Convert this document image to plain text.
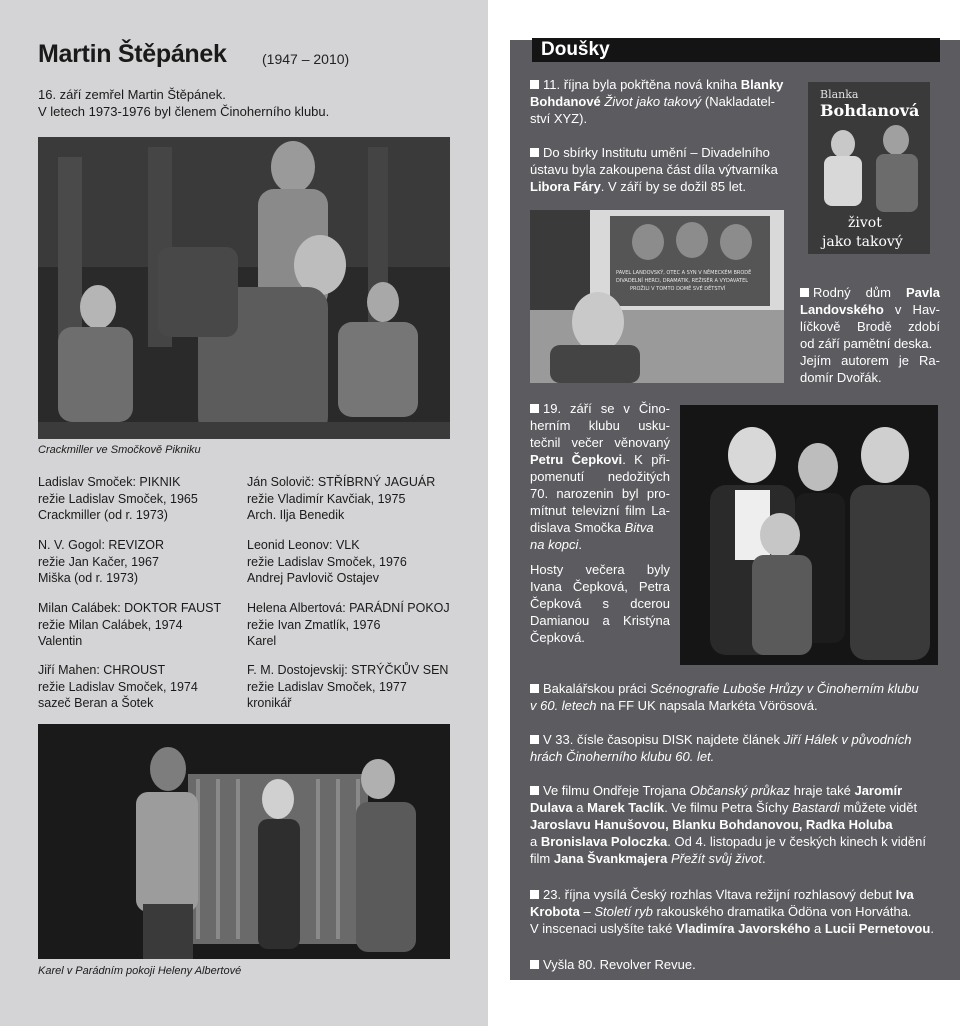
Martin Štěpánek	(1947 – 2010)
16. září zemřel Martin Štěpánek.
V letech 1973-1976 byl členem Činoherního klubu.
Crackmiller ve Smočkově Pikniku
Ladislav Smoček: PIKNIK
režie Ladislav Smoček, 1965
Crackmiller (od r. 1973)
N. V. Gogol: REVIZOR
režie Jan Kačer, 1967
Miška (od r. 1973)
Milan Calábek: DOKTOR FAUST
režie Milan Calábek, 1974
Valentin
Jiří Mahen: CHROUST
režie Ladislav Smoček, 1974
sazeč Beran a Šotek
Ján Solovič: STŘÍBRNÝ JAGUÁR
režie Vladimír Kavčiak, 1975
Arch. Ilja Benedik
Leonid Leonov: VLK
režie Ladislav Smoček, 1976
Andrej Pavlovič Ostajev
Helena Albertová: PARÁDNÍ POKOJ
režie Ivan Zmatlík, 1976
Karel
F. M. Dostojevskij: STRÝČKŮV SEN
režie Ladislav Smoček, 1977
kronikář
Karel v Parádním pokoji Heleny Albertové
Doušky
11. října byla pokřtěna nová kniha Blanky
Bohdanové Život jako takový (Nakladatel-
ství XYZ).
Blanka
Bohdanová
život
jako takový
Do sbírky Institutu umění – Divadelního
ústavu byla zakoupena část díla výtvarníka
Libora Fáry. V září by se dožil 85 let.
PAVEL LANDOVSKÝ, OTEC A SYN V NĚMECKÉM BRODĚ
DIVADELNÍ HERCI, DRAMATIK, REŽISÉR A VYDAVATEL
PROŽILI V TOMTO DOMĚ SVÉ DĚTSTVÍ	Rodný dům Pavla
Landovského v Hav-
líčkově Brodě zdobí
od září pamětní deska.
Jejím autorem je Ra-
domír Dvořák.
19. září se v Čino-
herním klubu usku-
tečnil večer věnovaný
Petru Čepkovi. K při-
pomenutí nedožitých
70. narozenin byl pro-
mítnut televizní film La-
dislava Smočka Bitva
na kopci.
Hosty večera byly
Ivana Čepková, Petra
Čepková s dcerou
Damianou a Kristýna
Čepková.
Bakalářskou práci Scénografie Luboše Hrůzy v Činoherním klubu
v 60. letech na FF UK napsala Markéta Vörösová.
V 33. čísle časopisu DISK najdete článek Jiří Hálek v původních
hrách Činoherního klubu 60. let.
Ve filmu Ondřeje Trojana Občanský průkaz hraje také Jaromír
Dulava a Marek Taclík. Ve filmu Petra Šíchy Bastardi můžete vidět
Jaroslavu Hanušovou, Blanku Bohdanovou, Radka Holuba
a Bronislava Poloczka. Od 4. listopadu je v českých kinech k vidění
film Jana Švankmajera Přežít svůj život.
23. října vysílá Český rozhlas Vltava režijní rozhlasový debut Iva
Krobota – Století ryb rakouského dramatika Ödöna von Horvátha.
V inscenaci uslyšíte také Vladimíra Javorského a Lucii Pernetovou.
Vyšla 80. Revolver Revue.
